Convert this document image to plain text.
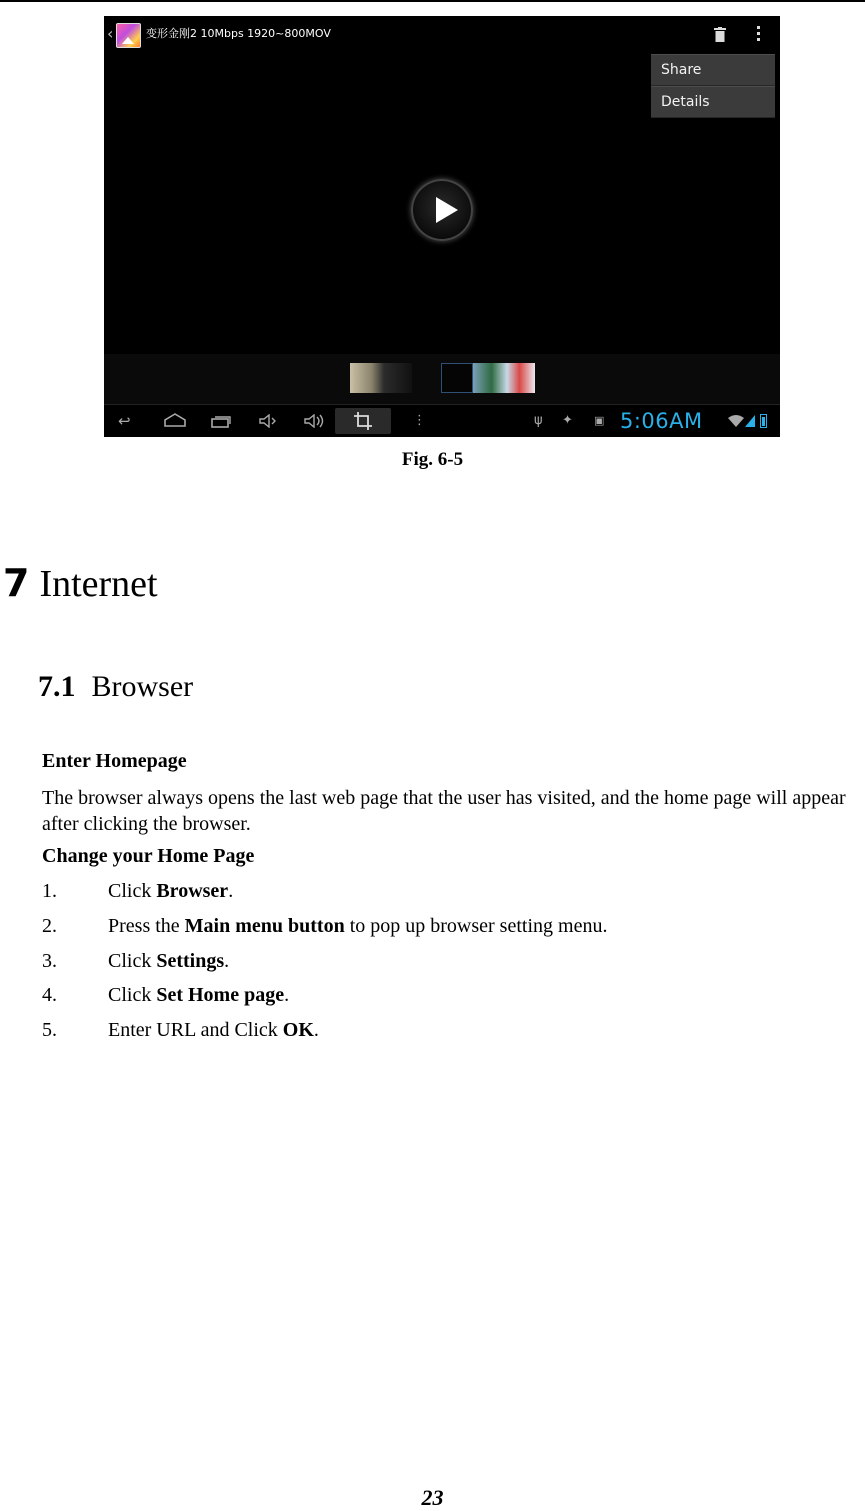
‹	变形金刚2 10Mbps 1920~800MOV
Share
Details
↩	⋮	ψ ✦ ▣ 5:06AM
Fig. 6-5
7 Internet
7.1 Browser
Enter Homepage
The browser always opens the last web page that the user has visited, and the home page will appear after clicking the browser.
Change your Home Page
1.	Click Browser.
2.	Press the Main menu button to pop up browser setting menu.
3.	Click Settings.
4.	Click Set Home page.
5.	Enter URL and Click OK.
23
